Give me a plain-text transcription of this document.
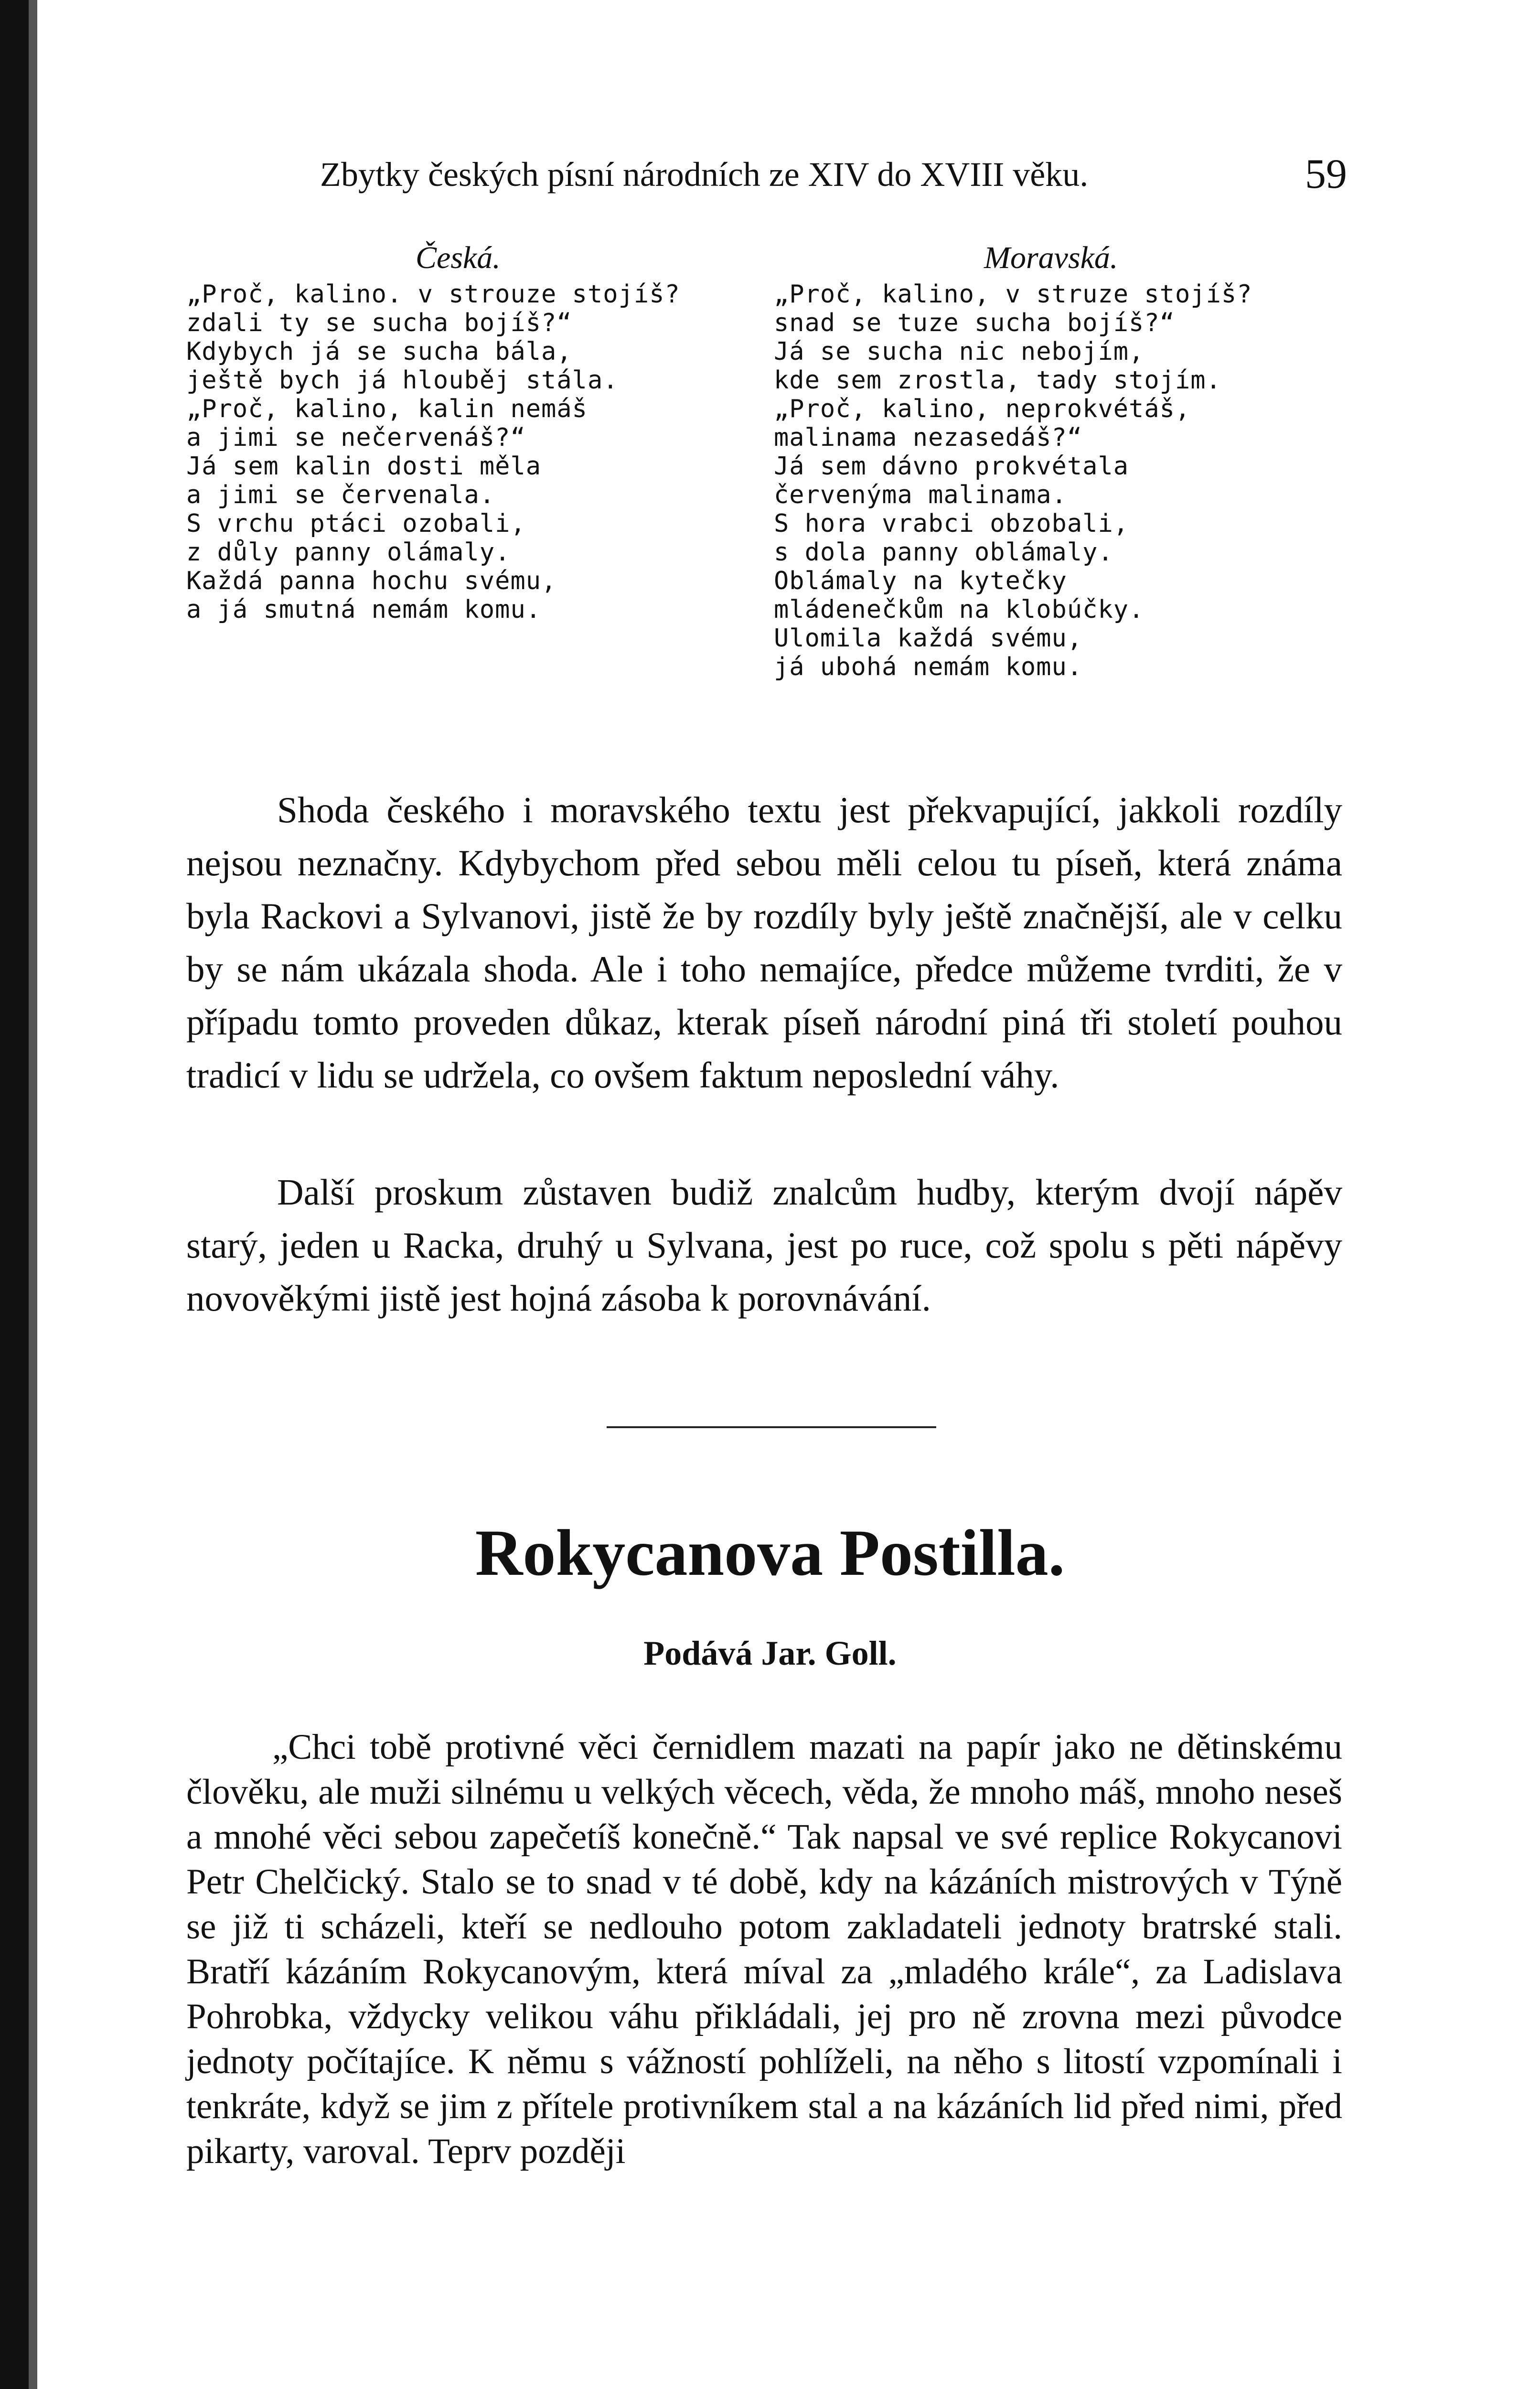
Zbytky českých písní národních ze XIV do XVIII věku.	59
Česká.
„Proč, kalino. v strouze stojíš?
zdali ty se sucha bojíš?“
Kdybych já se sucha bála,
ještě bych já hlouběj stála.
„Proč, kalino, kalin nemáš
a jimi se nečervenáš?“
Já sem kalin dosti měla
a jimi se červenala.
S vrchu ptáci ozobali,
z důly panny olámaly.
Každá panna hochu svému,
a já smutná nemám komu.
Moravská.
„Proč, kalino, v struze stojíš?
snad se tuze sucha bojíš?“
Já se sucha nic nebojím,
kde sem zrostla, tady stojím.
„Proč, kalino, neprokvétáš,
malinama nezasedáš?“
Já sem dávno prokvétala
červenýma malinama.
S hora vrabci obzobali,
s dola panny oblámaly.
Oblámaly na kytečky
mládenečkům na klobúčky.
Ulomila každá svému,
já ubohá nemám komu.

Shoda českého i moravského textu jest překvapující, jakkoli rozdíly nejsou neznačny. Kdybychom před sebou měli celou tu píseň, která známa byla Rackovi a Sylvanovi, jistě že by rozdíly byly ještě značnější, ale v celku by se nám ukázala shoda. Ale i toho nemajíce, předce můžeme tvrditi, že v případu tomto proveden důkaz, kterak píseň národní piná tři století pouhou tradicí v lidu se udržela, co ovšem faktum neposlední váhy.

Další proskum zůstaven budiž znalcům hudby, kterým dvojí nápěv starý, jeden u Racka, druhý u Sylvana, jest po ruce, což spolu s pěti nápěvy novověkými jistě jest hojná zásoba k porovnávání.

Rokycanova Postilla.
Podává Jar. Goll.

„Chci tobě protivné věci černidlem mazati na papír jako ne dětinskému člověku, ale muži silnému u velkých věcech, věda, že mnoho máš, mnoho neseš a mnohé věci sebou zapečetíš konečně.“ Tak napsal ve své replice Rokycanovi Petr Chelčický. Stalo se to snad v té době, kdy na kázáních mistrových v Týně se již ti scházeli, kteří se nedlouho potom zakladateli jednoty bratrské stali. Bratří kázáním Rokycanovým, která míval za „mladého krále“, za Ladislava Pohrobka, vždycky velikou váhu přikládali, jej pro ně zrovna mezi původce jednoty počítajíce. K němu s vážností pohlíželi, na něho s litostí vzpomínali i tenkráte, když se jim z přítele protivníkem stal a na kázáních lid před nimi, před pikarty, varoval. Teprv později
